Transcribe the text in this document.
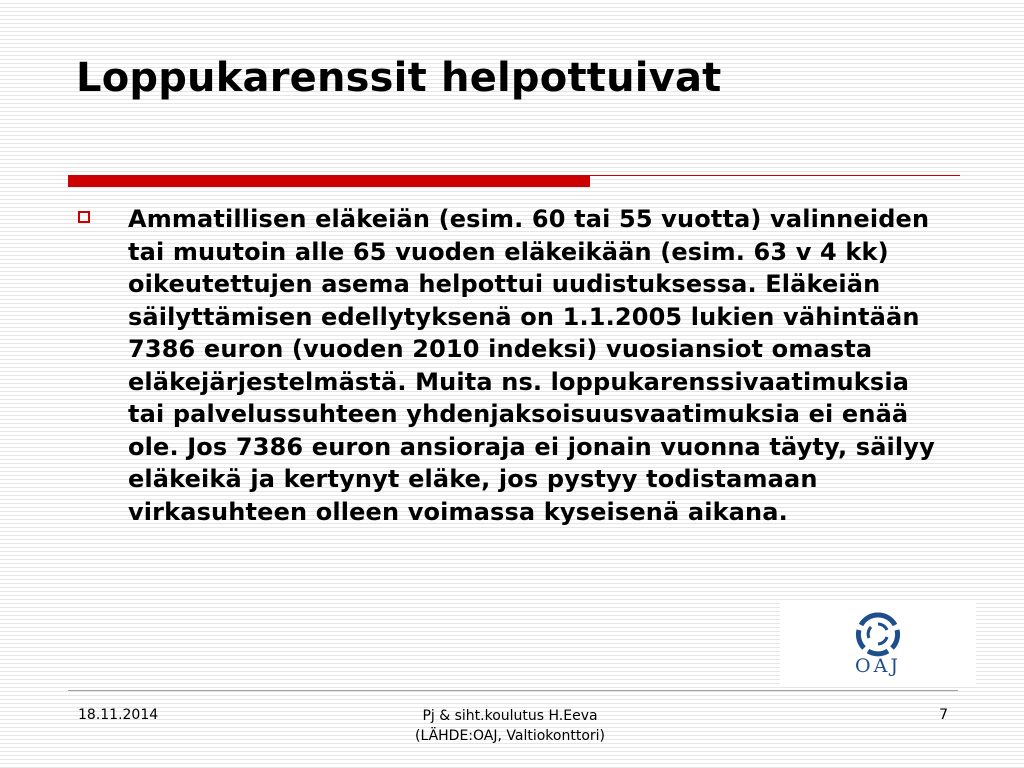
Loppukarenssit helpottuivat

Ammatillisen eläkeiän (esim. 60 tai 55 vuotta) valinneiden tai muutoin alle 65 vuoden eläkeikään (esim. 63 v 4 kk) oikeutettujen asema helpottui uudistuksessa. Eläkeiän säilyttämisen edellytyksenä on 1.1.2005 lukien vähintään 7386 euron (vuoden 2010 indeksi) vuosiansiot omasta eläkejärjestelmästä. Muita ns. loppukarenssivaatimuksia tai palvelussuhteen yhdenjaksoisuusvaatimuksia ei enää ole. Jos 7386 euron ansioraja ei jonain vuonna täyty, säilyy eläkeikä ja kertynyt eläke, jos pystyy todistamaan virkasuhteen olleen voimassa kyseisenä aikana.

OAJ
18.11.2014	Pj & siht.koulutus H.Eeva
(LÄHDE:OAJ, Valtiokonttori)
7
